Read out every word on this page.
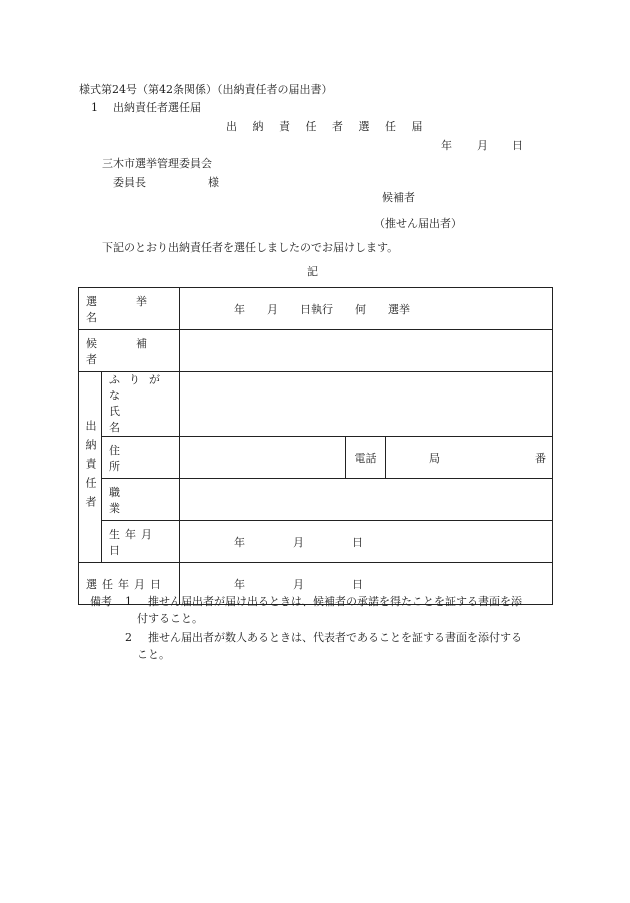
様式第24号（第42条関係）（出納責任者の届出書）
1 出納責任者選任届
出 納 責 任 者 選 任 届
年 月 日
三木市選挙管理委員会
委員長	様
候補者
（推せん届出者）
下記のとおり出納責任者を選任しましたのでお届けします。
記
選　挙　名		年　　月　　日執行　　何　　選挙		

候　補　者				

出納責任者	ふりがな
氏　名			

	住　所		電話	局 番

	職　業			

	生年月日	年 月 日		

選任年月日		年 月 日		
備考 1 推せん届出者が届け出るときは、候補者の承諾を得たことを証する書面を添
付すること。
2 推せん届出者が数人あるときは、代表者であることを証する書面を添付する
こと。
